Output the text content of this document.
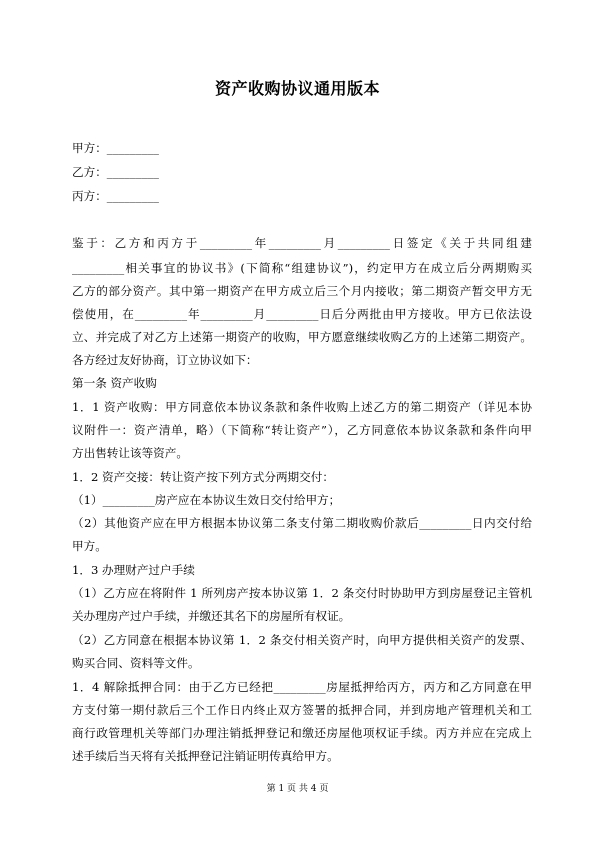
资产收购协议通用版本
甲方：_________
乙方：_________
丙方：_________
鉴于：乙方和丙方于_________年_________月_________日签定《关于共同组建
_________相关事宜的协议书》(下简称“组建协议”)，约定甲方在成立后分两期购买
乙方的部分资产。其中第一期资产在甲方成立后三个月内接收；第二期资产暂交甲方无
偿使用，在_________年_________月_________日后分两批由甲方接收。甲方已依法设
立、并完成了对乙方上述第一期资产的收购，甲方愿意继续收购乙方的上述第二期资产。
各方经过友好协商，订立协议如下：
第一条 资产收购
1．1 资产收购：甲方同意依本协议条款和条件收购上述乙方的第二期资产（详见本协
议附件一：资产清单，略）（下简称“转让资产”），乙方同意依本协议条款和条件向甲
方出售转让该等资产。
1．2 资产交接：转让资产按下列方式分两期交付：
（1）_________房产应在本协议生效日交付给甲方；
（2）其他资产应在甲方根据本协议第二条支付第二期收购价款后_________日内交付给
甲方。
1．3 办理财产过户手续
（1）乙方应在将附件 1 所列房产按本协议第 1．2 条交付时协助甲方到房屋登记主管机
关办理房产过户手续，并缴还其名下的房屋所有权证。
（2）乙方同意在根据本协议第 1．2 条交付相关资产时，向甲方提供相关资产的发票、
购买合同、资料等文件。
1．4 解除抵押合同：由于乙方已经把_________房屋抵押给丙方，丙方和乙方同意在甲
方支付第一期付款后三个工作日内终止双方签署的抵押合同，并到房地产管理机关和工
商行政管理机关等部门办理注销抵押登记和缴还房屋他项权证手续。丙方并应在完成上
述手续后当天将有关抵押登记注销证明传真给甲方。
第 1 页 共 4 页
